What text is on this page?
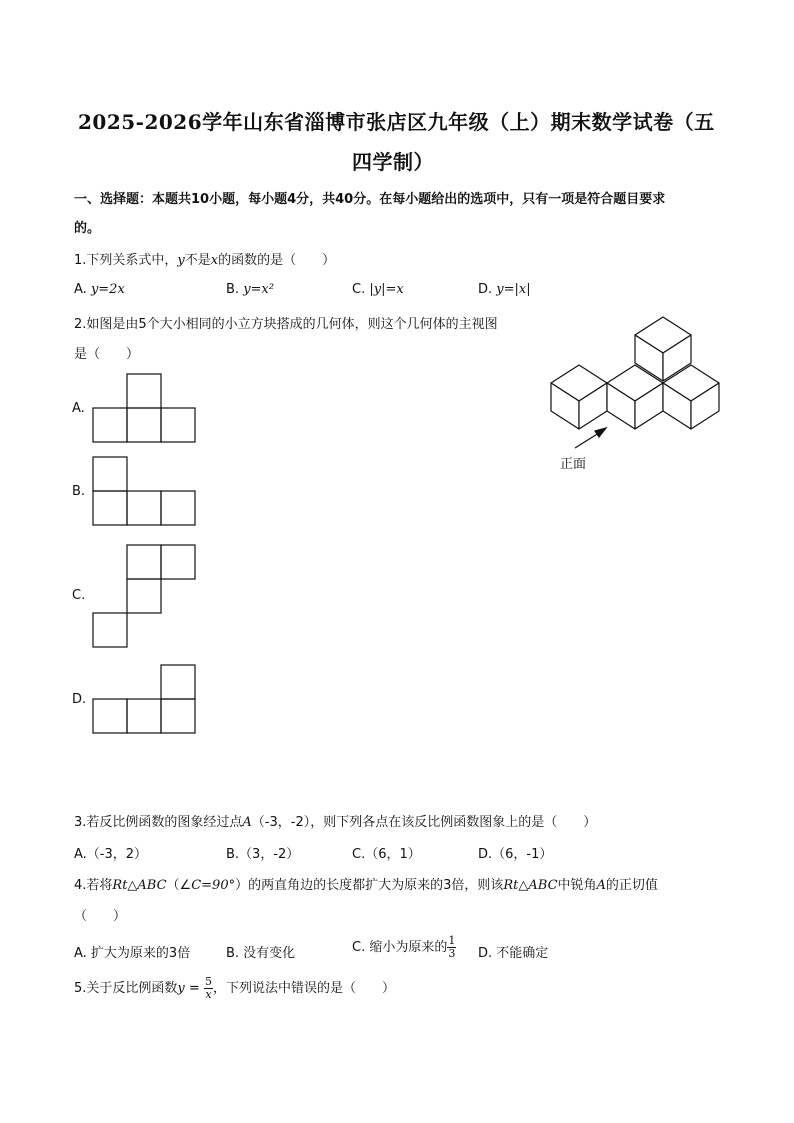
2025-2026学年山东省淄博市张店区九年级（上）期末数学试卷（五
四学制）
一、选择题：本题共10小题，每小题4分，共40分。在每小题给出的选项中，只有一项是符合题目要求
的。
1.下列关系式中，y不是x的函数的是（　　）
A. y=2x	B. y=x²	C. |y|=x	D. y=|x|
2.如图是由5个大小相同的小立方块搭成的几何体，则这个几何体的主视图
是（　　）
A.
B.
C.
D.
正面
3.若反比例函数的图象经过点A（-3，-2），则下列各点在该反比例函数图象上的是（　　）
A.（-3，2）	B.（3，-2）	C.（6，1）	D.（6，-1）
4.若将Rt△ABC（∠C=90°）的两直角边的长度都扩大为原来的3倍，则该Rt△ABC中锐角A的正切值
（　　）
A. 扩大为原来的3倍	B. 没有变化	C. 缩小为原来的 $\frac{1}{3} D$. 不能确定
5.关于反比例函数$y = \frac{5}{x}$ ，下列说法中错误的是（　　）
